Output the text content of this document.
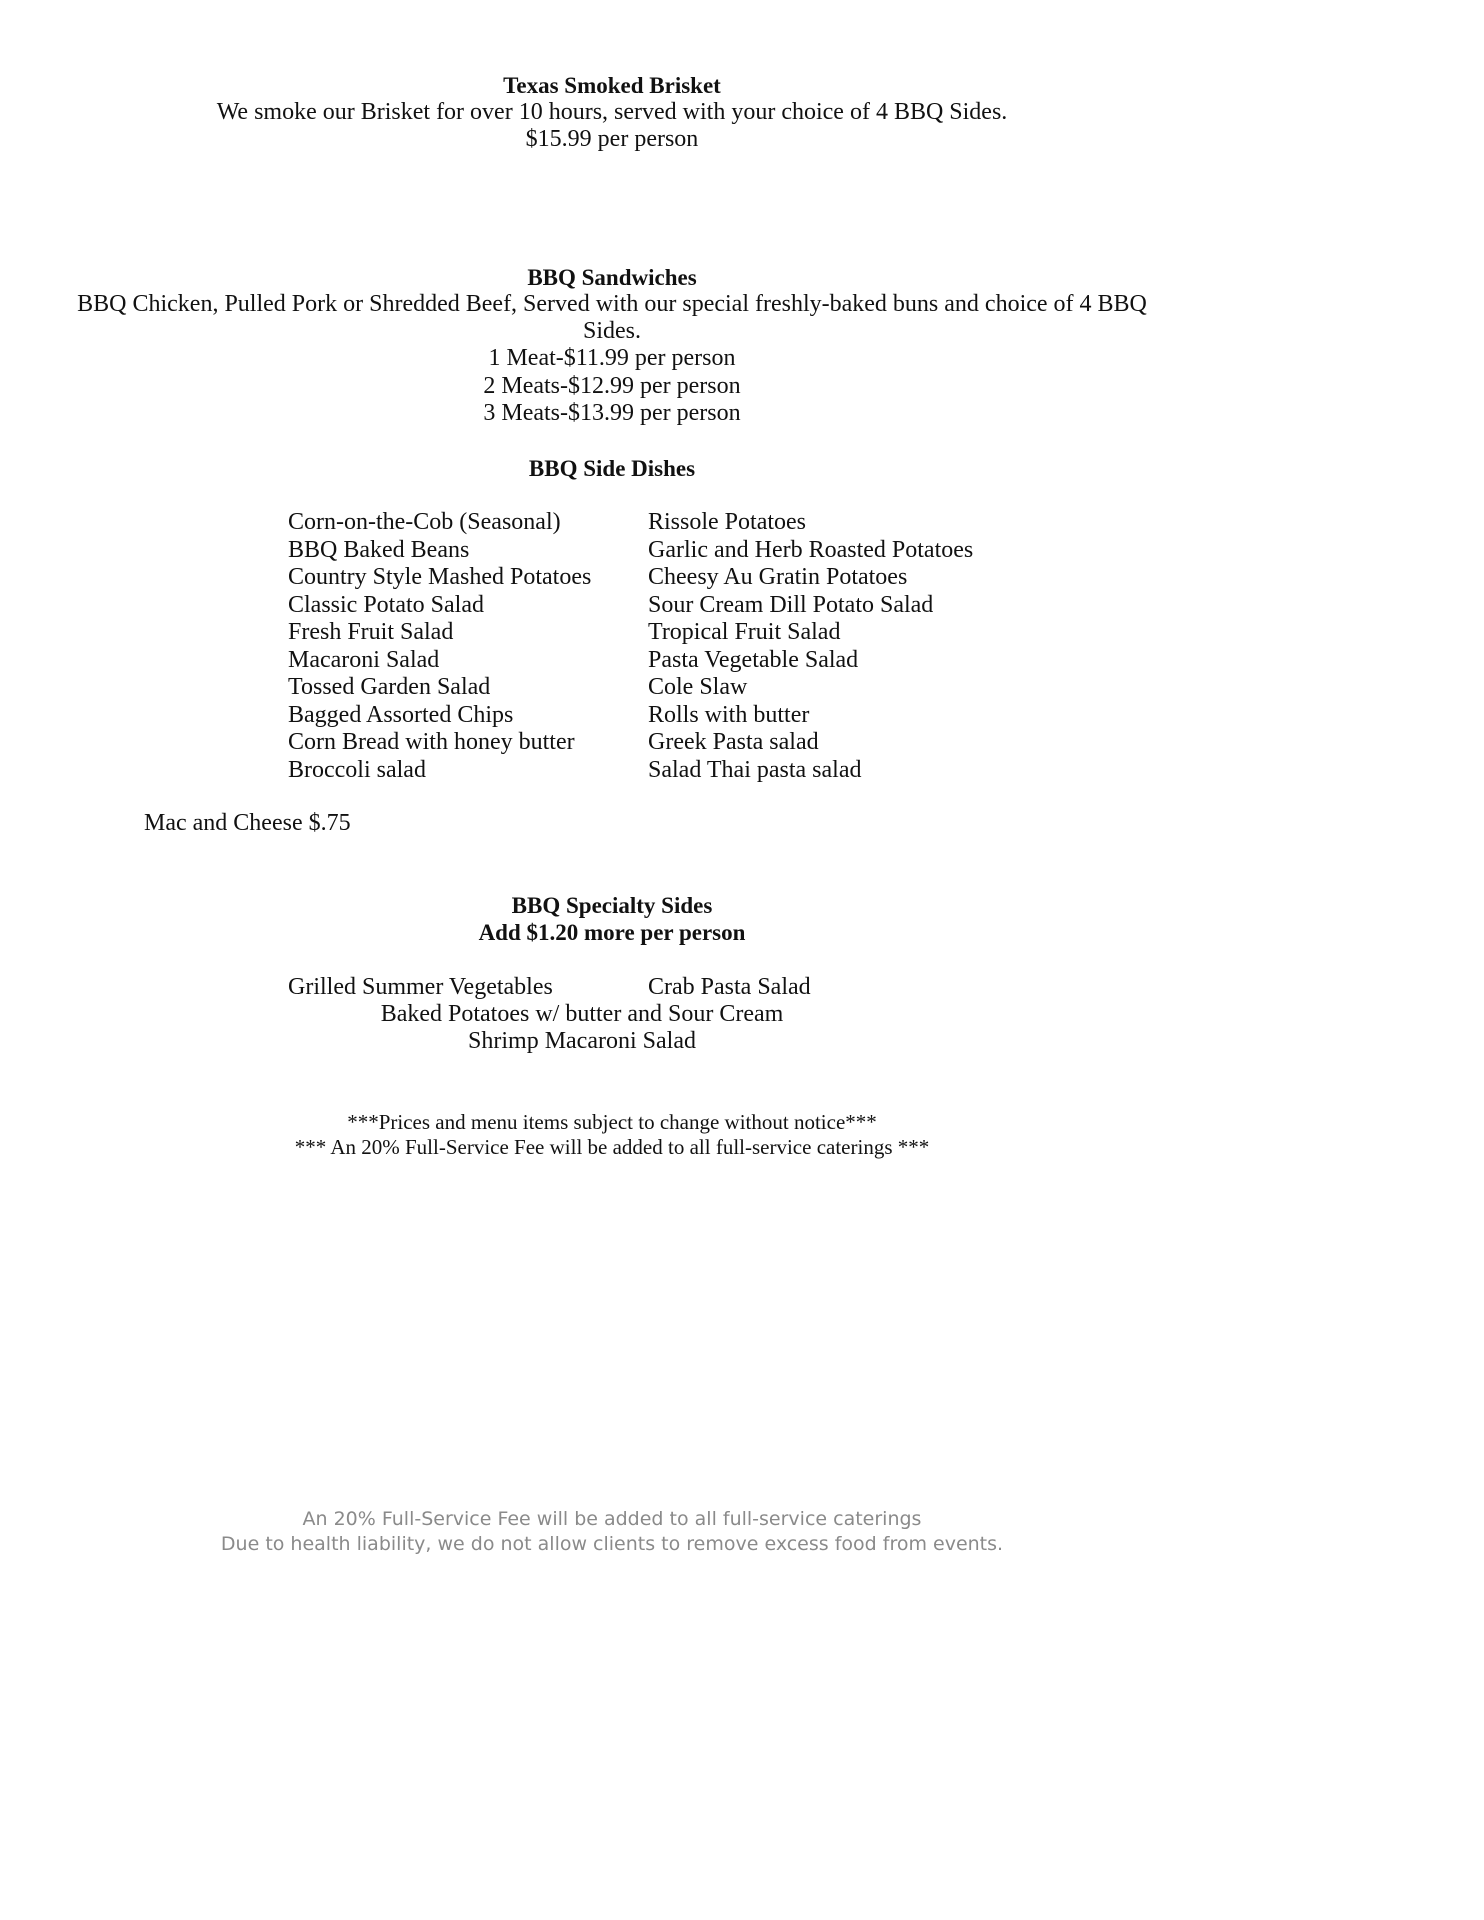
Texas Smoked Brisket
We smoke our Brisket for over 10 hours, served with your choice of 4 BBQ Sides.
$15.99 per person
BBQ Sandwiches
BBQ Chicken, Pulled Pork or Shredded Beef, Served with our special freshly-baked buns and choice of 4 BBQ
Sides.
1 Meat-$11.99 per person
2 Meats-$12.99 per person
3 Meats-$13.99 per person
BBQ Side Dishes
Corn-on-the-Cob (Seasonal)
BBQ Baked Beans
Country Style Mashed Potatoes
Classic Potato Salad
Fresh Fruit Salad
Macaroni Salad
Tossed Garden Salad
Bagged Assorted Chips
Corn Bread with honey butter
Broccoli salad
Rissole Potatoes
Garlic and Herb Roasted Potatoes
Cheesy Au Gratin Potatoes
Sour Cream Dill Potato Salad
Tropical Fruit Salad
Pasta Vegetable Salad
Cole Slaw
Rolls with butter
Greek Pasta salad
Salad Thai pasta salad
Mac and Cheese $.75
BBQ Specialty Sides
Add $1.20 more per person
Grilled Summer Vegetables	Crab Pasta Salad
Baked Potatoes w/ butter and Sour Cream
Shrimp Macaroni Salad
***Prices and menu items subject to change without notice***
*** An 20% Full-Service Fee will be added to all full-service caterings ***
An 20% Full-Service Fee will be added to all full-service caterings
Due to health liability, we do not allow clients to remove excess food from events.
